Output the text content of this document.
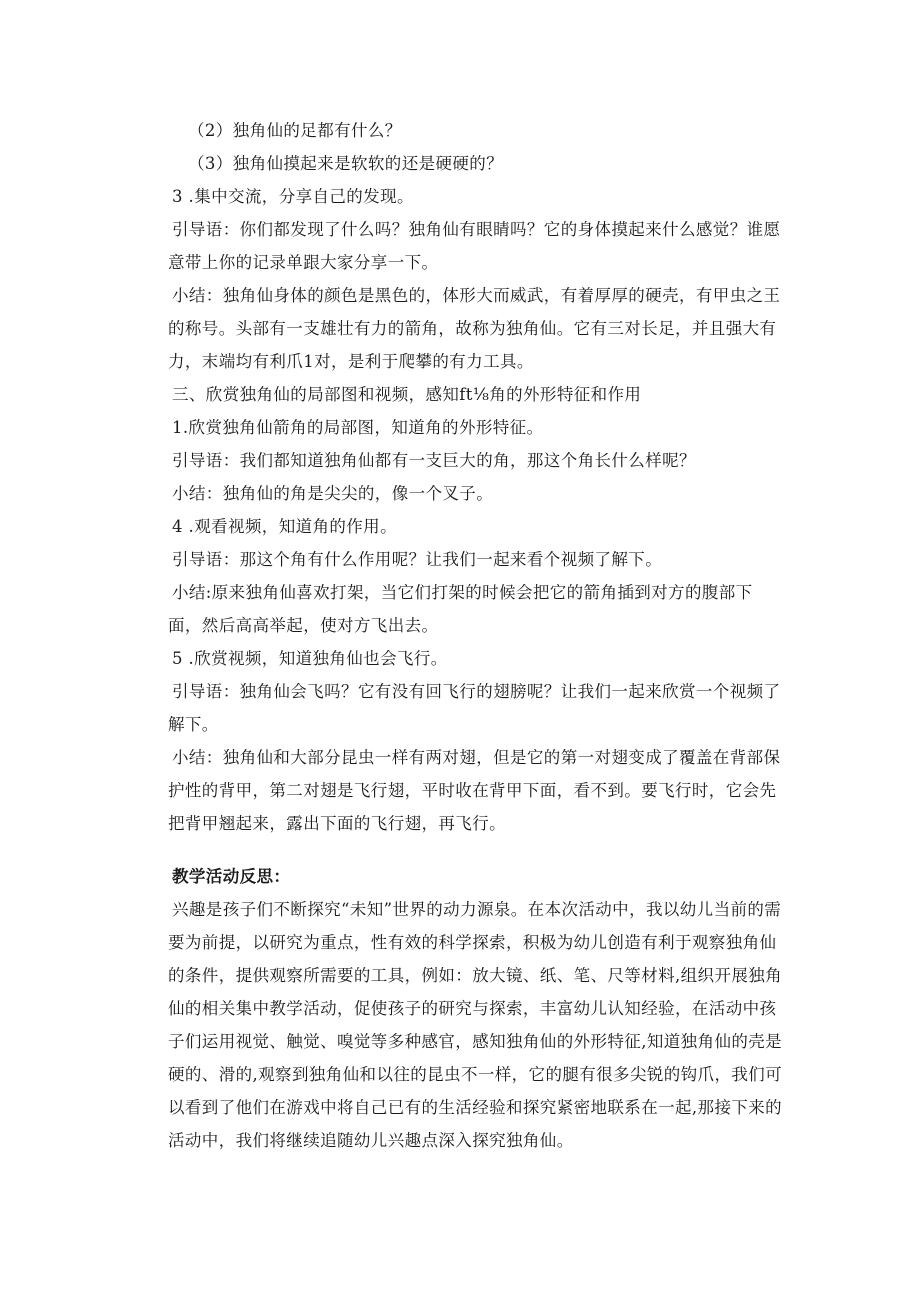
（2）独角仙的足都有什么？

（3）独角仙摸起来是软软的还是硬硬的？

3 .集中交流，分享自己的发现。

引导语：你们都发现了什么吗？独角仙有眼睛吗？它的身体摸起来什么感觉？谁愿意带上你的记录单跟大家分享一下。

小结：独角仙身体的颜色是黑色的，体形大而威武，有着厚厚的硬壳，有甲虫之王的称号。头部有一支雄壮有力的箭角，故称为独角仙。它有三对长足，并且强大有力，末端均有利爪1对，是利于爬攀的有力工具。

三、欣赏独角仙的局部图和视频，感知ft⅛角的外形特征和作用

1.欣赏独角仙箭角的局部图，知道角的外形特征。

引导语：我们都知道独角仙都有一支巨大的角，那这个角长什么样呢？

小结：独角仙的角是尖尖的，像一个叉子。

4 .观看视频，知道角的作用。

引导语：那这个角有什么作用呢？让我们一起来看个视频了解下。

小结:原来独角仙喜欢打架，当它们打架的时候会把它的箭角插到对方的腹部下面，然后高高举起，使对方飞出去。

5 .欣赏视频，知道独角仙也会飞行。

引导语：独角仙会飞吗？它有没有回飞行的翅膀呢？让我们一起来欣赏一个视频了解下。

小结：独角仙和大部分昆虫一样有两对翅，但是它的第一对翅变成了覆盖在背部保护性的背甲，第二对翅是飞行翅，平时收在背甲下面，看不到。要飞行时，它会先把背甲翘起来，露出下面的飞行翅，再飞行。

教学活动反思：

兴趣是孩子们不断探究“未知”世界的动力源泉。在本次活动中，我以幼儿当前的需要为前提，以研究为重点，性有效的科学探索，积极为幼儿创造有利于观察独角仙的条件，提供观察所需要的工具，例如：放大镜、纸、笔、尺等材料,组织开展独角仙的相关集中教学活动，促使孩子的研究与探索，丰富幼儿认知经验，在活动中孩子们运用视觉、触觉、嗅觉等多种感官，感知独角仙的外形特征,知道独角仙的壳是硬的、滑的,观察到独角仙和以往的昆虫不一样，它的腿有很多尖锐的钩爪，我们可以看到了他们在游戏中将自己已有的生活经验和探究紧密地联系在一起,那接下来的活动中，我们将继续追随幼儿兴趣点深入探究独角仙。
